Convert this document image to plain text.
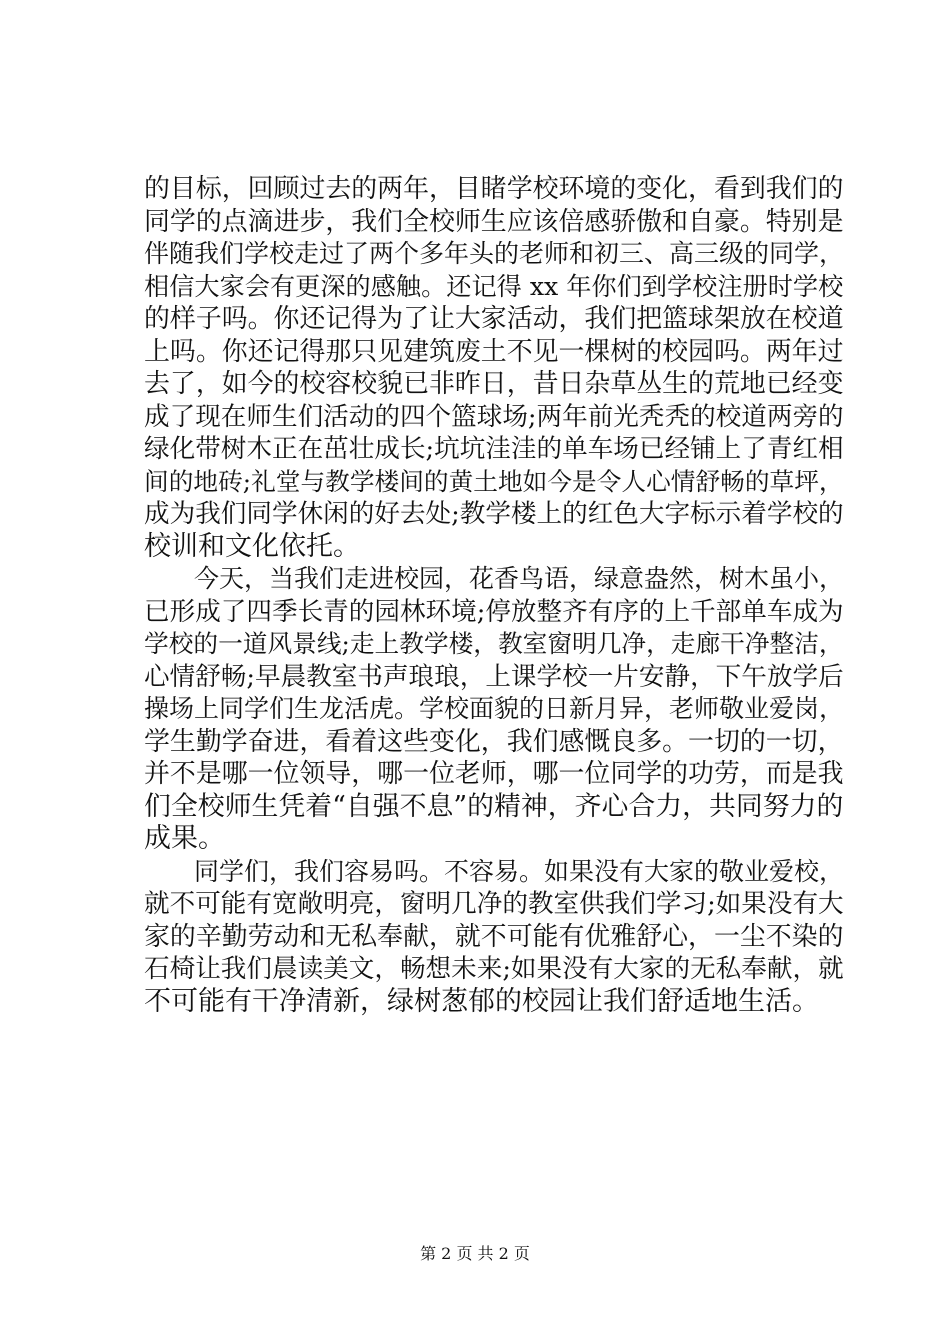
的目标，回顾过去的两年，目睹学校环境的变化，看到我们的
同学的点滴进步，我们全校师生应该倍感骄傲和自豪。特别是
伴随我们学校走过了两个多年头的老师和初三、高三级的同学，
相信大家会有更深的感触。还记得 xx 年你们到学校注册时学校
的样子吗。你还记得为了让大家活动，我们把篮球架放在校道
上吗。你还记得那只见建筑废土不见一棵树的校园吗。两年过
去了，如今的校容校貌已非昨日，昔日杂草丛生的荒地已经变
成了现在师生们活动的四个篮球场;两年前光秃秃的校道两旁的
绿化带树木正在茁壮成长;坑坑洼洼的单车场已经铺上了青红相
间的地砖;礼堂与教学楼间的黄土地如今是令人心情舒畅的草坪，
成为我们同学休闲的好去处;教学楼上的红色大字标示着学校的
校训和文化依托。
　　今天，当我们走进校园，花香鸟语，绿意盎然，树木虽小，
已形成了四季长青的园林环境;停放整齐有序的上千部单车成为
学校的一道风景线;走上教学楼，教室窗明几净，走廊干净整洁，
心情舒畅;早晨教室书声琅琅，上课学校一片安静，下午放学后
操场上同学们生龙活虎。学校面貌的日新月异，老师敬业爱岗，
学生勤学奋进，看着这些变化，我们感慨良多。一切的一切，
并不是哪一位领导，哪一位老师，哪一位同学的功劳，而是我
们全校师生凭着“自强不息”的精神，齐心合力，共同努力的
成果。
　　同学们，我们容易吗。不容易。如果没有大家的敬业爱校，
就不可能有宽敞明亮，窗明几净的教室供我们学习;如果没有大
家的辛勤劳动和无私奉献，就不可能有优雅舒心，一尘不染的
石椅让我们晨读美文，畅想未来;如果没有大家的无私奉献，就
不可能有干净清新，绿树葱郁的校园让我们舒适地生活。
第 2 页 共 2 页
